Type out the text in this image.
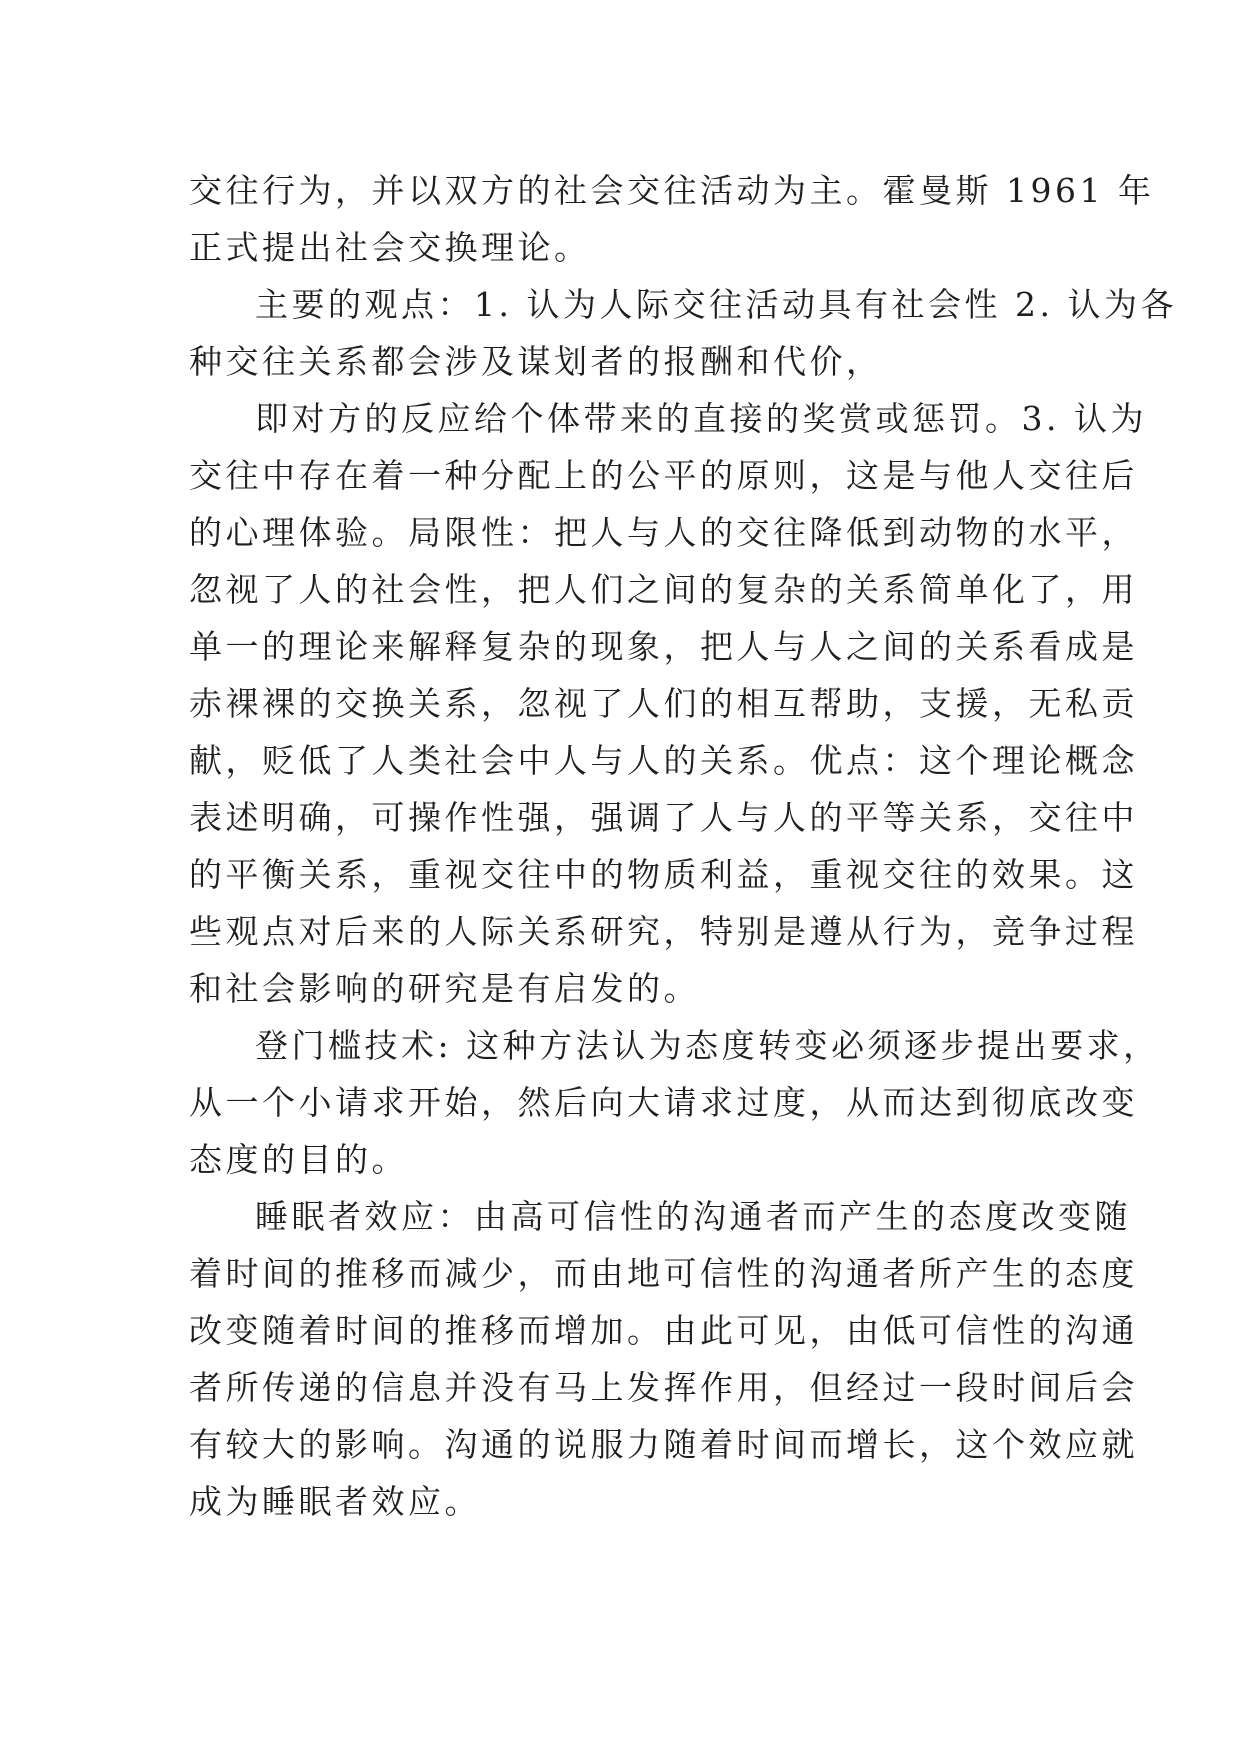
交往行为，并以双方的社会交往活动为主。霍曼斯 1961 年
正式提出社会交换理论。
主要的观点：1. 认为人际交往活动具有社会性 2. 认为各
种交往关系都会涉及谋划者的报酬和代价，
即对方的反应给个体带来的直接的奖赏或惩罚。3. 认为
交往中存在着一种分配上的公平的原则，这是与他人交往后
的心理体验。局限性：把人与人的交往降低到动物的水平，
忽视了人的社会性，把人们之间的复杂的关系简单化了，用
单一的理论来解释复杂的现象，把人与人之间的关系看成是
赤裸裸的交换关系，忽视了人们的相互帮助，支援，无私贡
献，贬低了人类社会中人与人的关系。优点：这个理论概念
表述明确，可操作性强，强调了人与人的平等关系，交往中
的平衡关系，重视交往中的物质利益，重视交往的效果。这
些观点对后来的人际关系研究，特别是遵从行为，竞争过程
和社会影响的研究是有启发的。
登门槛技术: 这种方法认为态度转变必须逐步提出要求，
从一个小请求开始，然后向大请求过度，从而达到彻底改变
态度的目的。
睡眠者效应：由高可信性的沟通者而产生的态度改变随
着时间的推移而减少，而由地可信性的沟通者所产生的态度
改变随着时间的推移而增加。由此可见，由低可信性的沟通
者所传递的信息并没有马上发挥作用，但经过一段时间后会
有较大的影响。沟通的说服力随着时间而增长，这个效应就
成为睡眠者效应。
